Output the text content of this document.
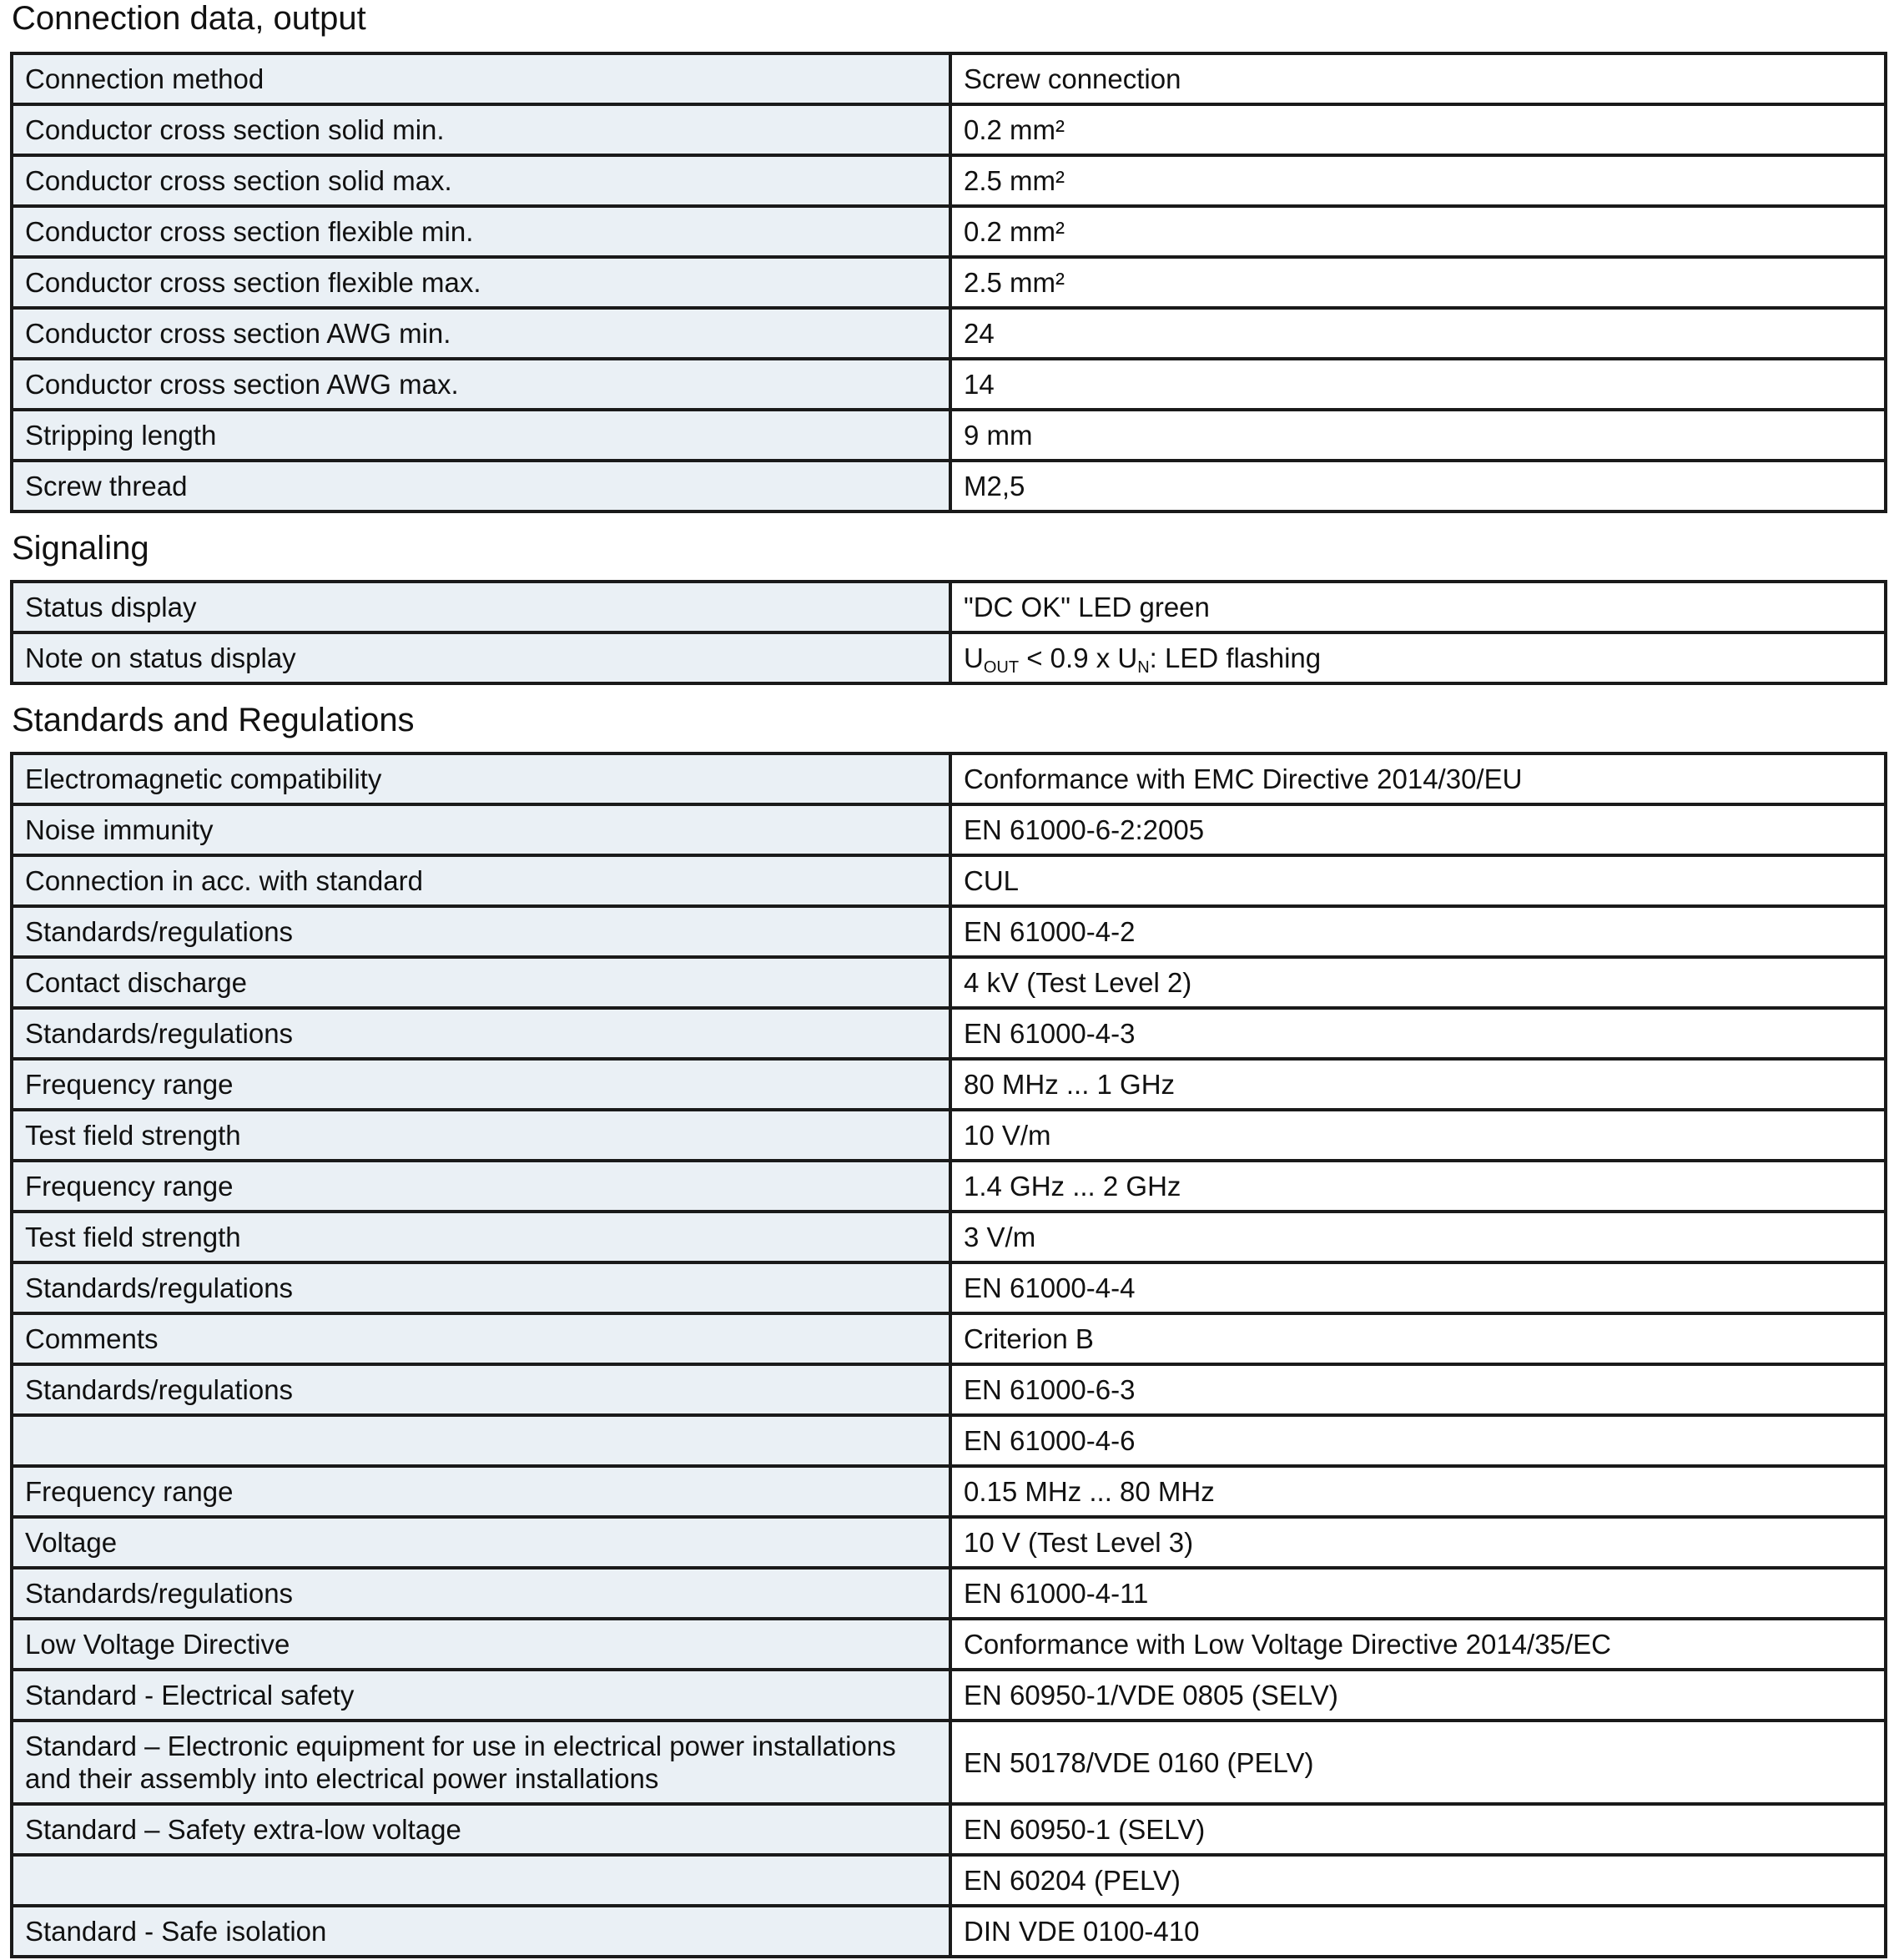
Connection data, output
Connection method	Screw connection
Conductor cross section solid min.	0.2 mm²
Conductor cross section solid max.	2.5 mm²
Conductor cross section flexible min.	0.2 mm²
Conductor cross section flexible max.	2.5 mm²
Conductor cross section AWG min.	24
Conductor cross section AWG max.	14
Stripping length	9 mm
Screw thread	M2,5
Signaling
Status display	"DC OK" LED green
Note on status display	$U_{OUT} < 0.9$ x $U_N$: LED flashing
Standards and Regulations
Electromagnetic compatibility	Conformance with EMC Directive 2014/30/EU
Noise immunity	EN 61000-6-2:2005
Connection in acc. with standard	CUL
Standards/regulations	EN 61000-4-2
Contact discharge	4 kV (Test Level 2)
Standards/regulations	EN 61000-4-3
Frequency range	80 MHz ... 1 GHz
Test field strength	10 V/m
Frequency range	1.4 GHz ... 2 GHz
Test field strength	3 V/m
Standards/regulations	EN 61000-4-4
Comments	Criterion B
Standards/regulations	EN 61000-6-3
	EN 61000-4-6
Frequency range	0.15 MHz ... 80 MHz
Voltage	10 V (Test Level 3)
Standards/regulations	EN 61000-4-11
Low Voltage Directive	Conformance with Low Voltage Directive 2014/35/EC
Standard - Electrical safety	EN 60950-1/VDE 0805 (SELV)
Standard – Electronic equipment for use in electrical power installations and their assembly into electrical power installations	EN 50178/VDE 0160 (PELV)
Standard – Safety extra-low voltage	EN 60950-1 (SELV)
	EN 60204 (PELV)
Standard - Safe isolation	DIN VDE 0100-410
